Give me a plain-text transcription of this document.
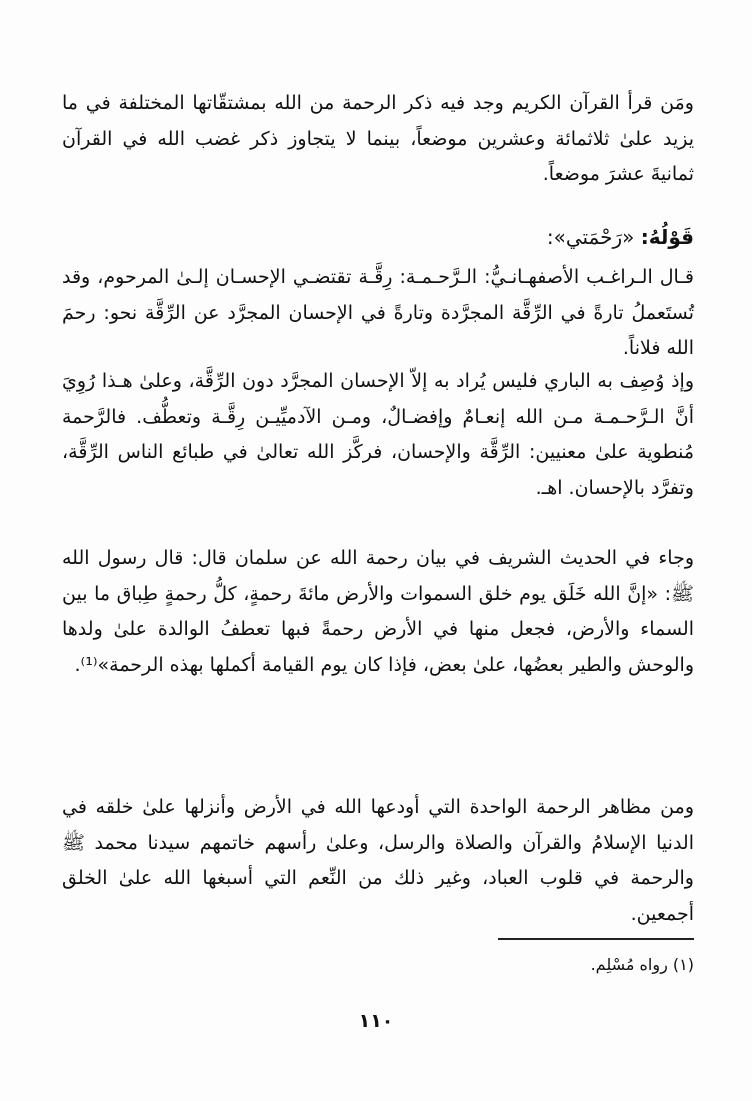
ومَن قرأ القرآن الكريم وجد فيه ذكر الرحمة من الله بمشتقّاتها المختلفة في ما يزيد علىٰ ثلاثمائة وعشرين موضعاً، بينما لا يتجاوز ذكر غضب الله في القرآن ثمانيةَ عشرَ موضعاً.

قَوْلُهُ: «رَحْمَتي»:

قـال الـراغـب الأصفهـانـيُّ: الـرَّحـمـة: رِقَّـة تقتضـي الإحسـان إلـىٰ المرحوم، وقد تُستَعملُ تارةً في الرِّقَّة المجرَّدة وتارةً في الإحسان المجرَّد عن الرِّقَّة نحو: رحمَ الله فلاناً.

وإذ وُصِف به الباري فليس يُراد به إلاّ الإحسان المجرَّد دون الرِّقَّة، وعلىٰ هـذا رُوِيَ أنَّ الـرَّحـمـة مـن الله إنعـامٌ وإفضـالٌ، ومـن الآدميِّيـن رِقَّـة وتعطُّف. فالرَّحمة مُنطوية علىٰ معنيين: الرِّقَّة والإحسان، فركَّز الله تعالىٰ في طبائع الناس الرِّقَّة، وتفرَّد بالإحسان. اهـ.

وجاء في الحديث الشريف في بيان رحمة الله عن سلمان قال: قال رسول الله ﷺ: «إنَّ الله خَلَق يوم خلق السموات والأرض مائةَ رحمةٍ، كلُّ رحمةٍ طِباق ما بين السماء والأرض، فجعل منها في الأرض رحمةً فبها تعطفُ الوالدة علىٰ ولدها والوحش والطير بعضُها، علىٰ بعض، فإذا كان يوم القيامة أكملها بهذه الرحمة»⁽¹⁾.

ومن مظاهر الرحمة الواحدة التي أودعها الله في الأرض وأنزلها علىٰ خلقه في الدنيا الإسلامُ والقرآن والصلاة والرسل، وعلىٰ رأسهم خاتمهم سيدنا محمد ﷺ والرحمة في قلوب العباد، وغير ذلك من النِّعم التي أسبغها الله علىٰ الخلق أجمعين.

(١) رواه مُسْلِم.

١١٠
